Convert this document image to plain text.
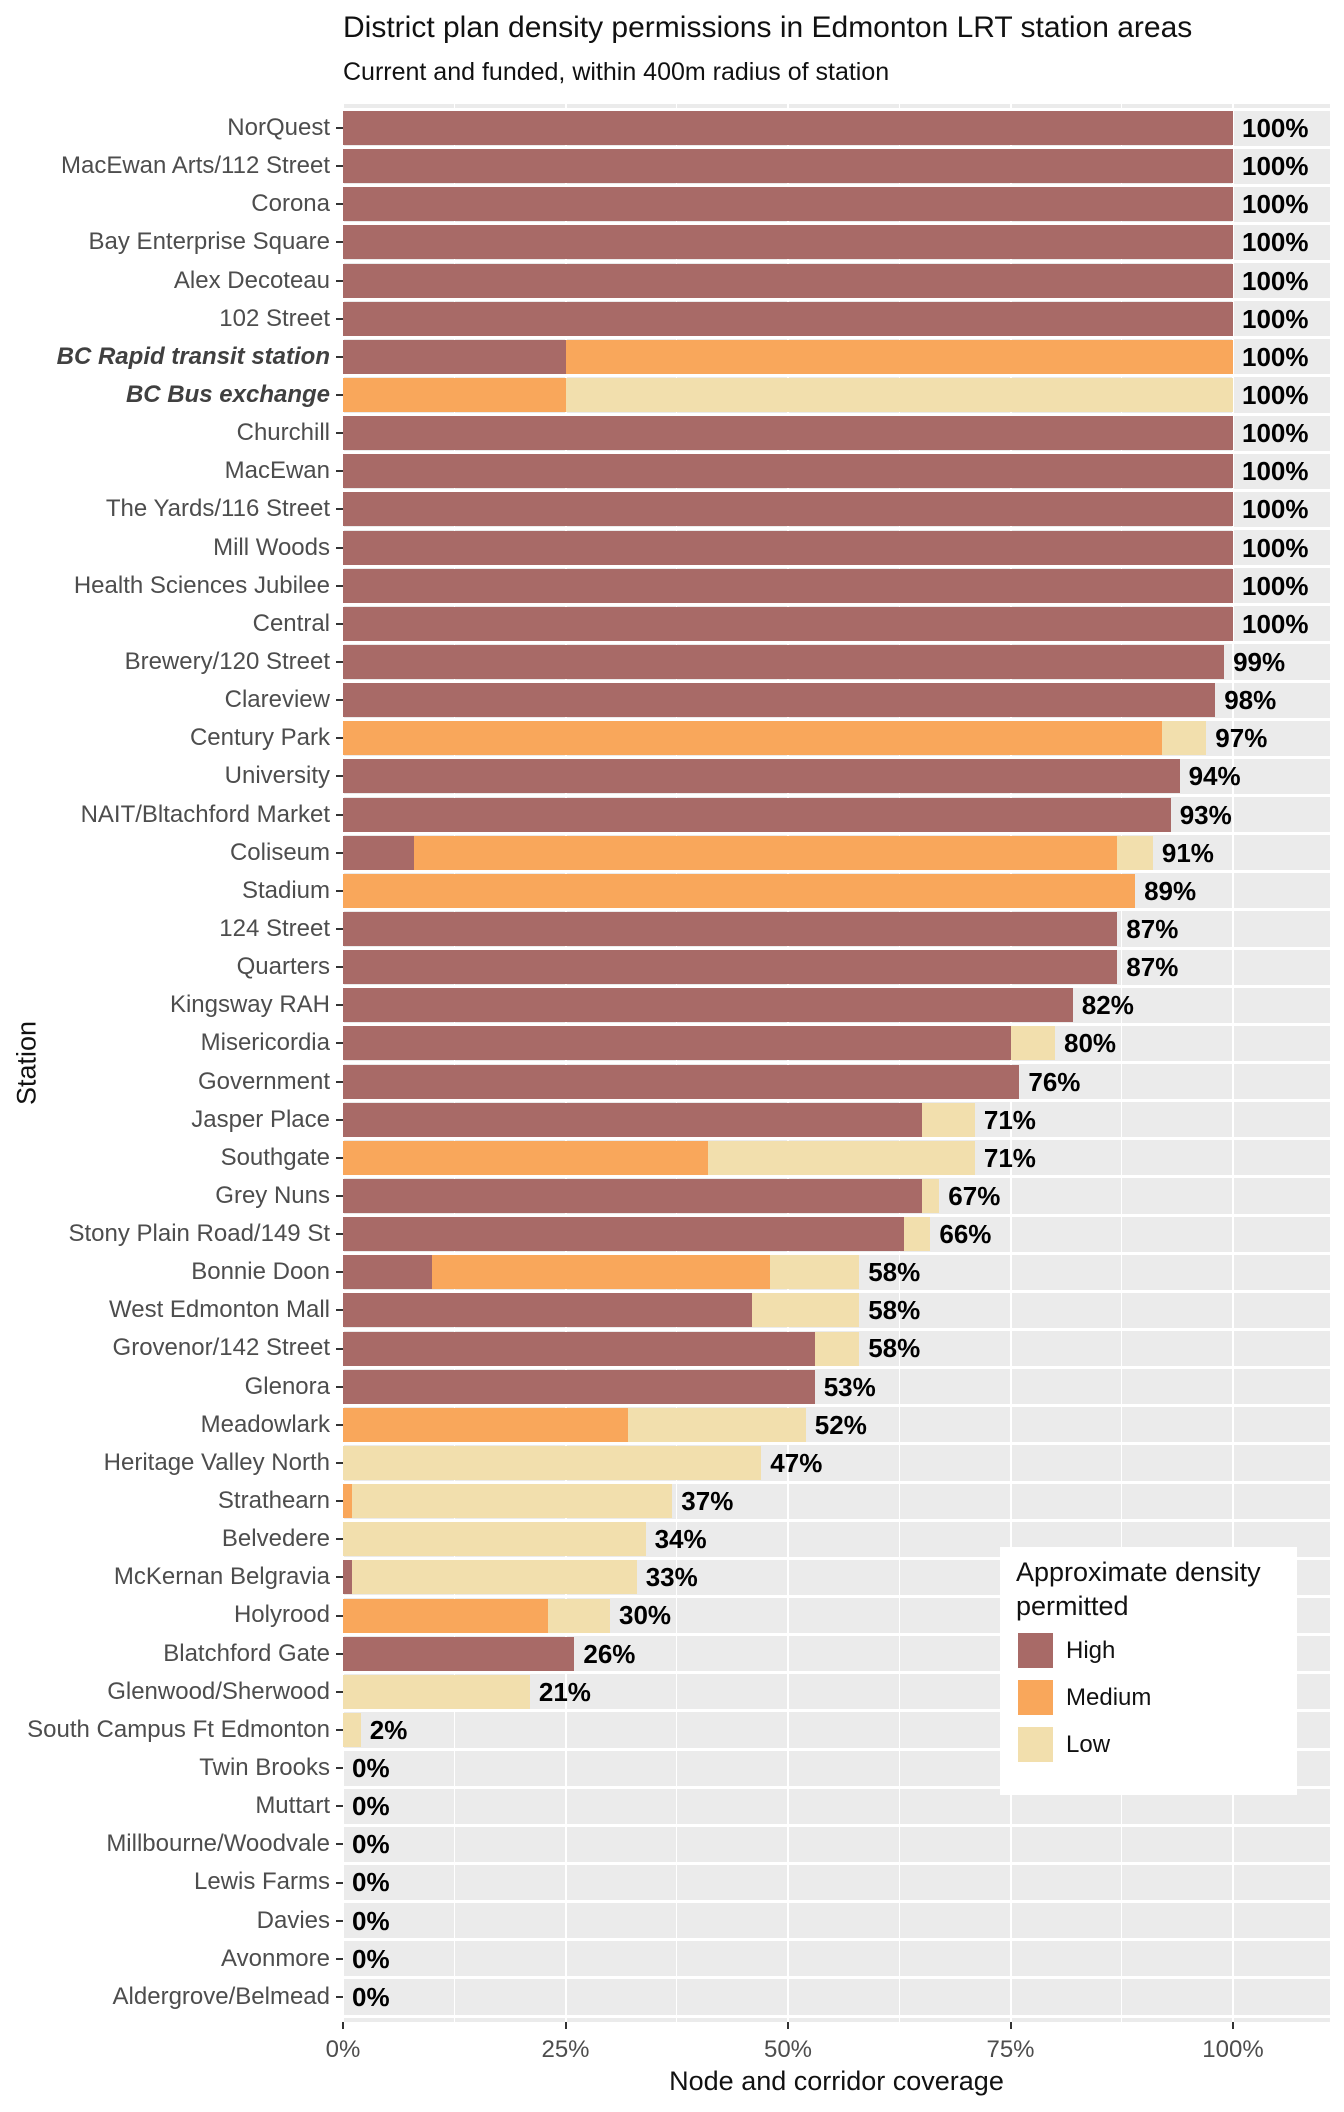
District plan density permissions in Edmonton LRT station areas
Current and funded, within 400m radius of station
100%
100%
100%
100%
100%
100%
100%
100%
100%
100%
100%
100%
100%
100%
99%
98%
97%
94%
93%
91%
89%
87%
87%
82%
80%
76%
71%
71%
67%
66%
58%
58%
58%
53%
52%
47%
37%
34%
33%
30%
26%
21%
2%
0%
0%
0%
0%
0%
0%
0%
NorQuest
MacEwan Arts/112 Street
Corona
Bay Enterprise Square
Alex Decoteau
102 Street
BC Rapid transit station
BC Bus exchange
Churchill
MacEwan
The Yards/116 Street
Mill Woods
Health Sciences Jubilee
Central
Brewery/120 Street
Clareview
Century Park
University
NAIT/Bltachford Market
Coliseum
Stadium
124 Street
Quarters
Kingsway RAH
Misericordia
Government
Jasper Place
Southgate
Grey Nuns
Stony Plain Road/149 St
Bonnie Doon
West Edmonton Mall
Grovenor/142 Street
Glenora
Meadowlark
Heritage Valley North
Strathearn
Belvedere
McKernan Belgravia
Holyrood
Blatchford Gate
Glenwood/Sherwood
South Campus Ft Edmonton
Twin Brooks
Muttart
Millbourne/Woodvale
Lewis Farms
Davies
Avonmore
Aldergrove/Belmead
0%	25%	50%	75%	100%
Station
Node and corridor coverage
Approximate density
permitted
High
Medium
Low
